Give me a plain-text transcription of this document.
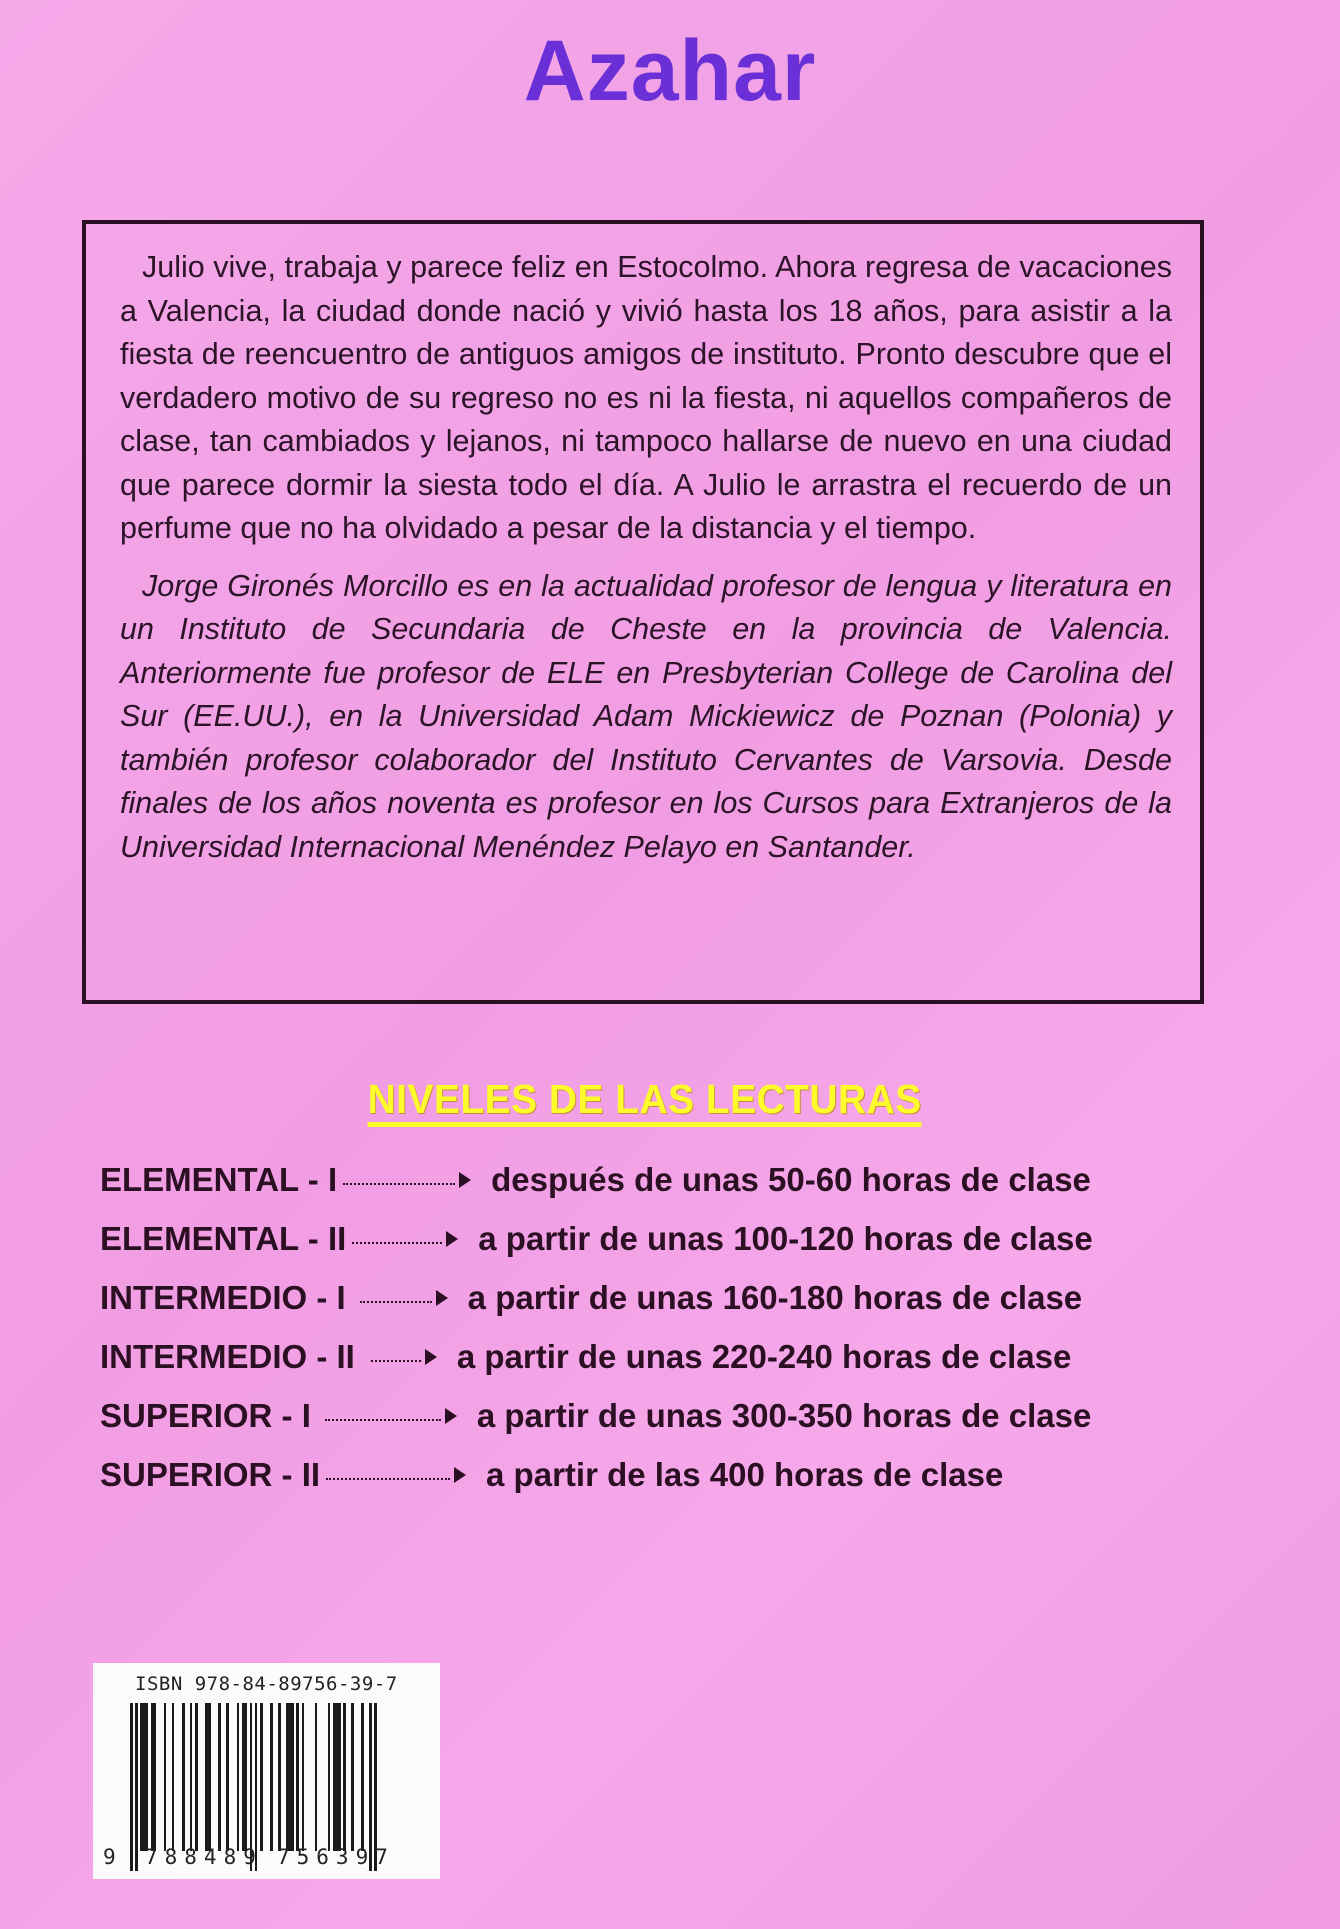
Azahar

Julio vive, trabaja y parece feliz en Estocolmo. Ahora regresa de vacaciones a Valencia, la ciudad donde nació y vivió hasta los 18 años, para asistir a la fiesta de reencuentro de antiguos amigos de instituto. Pronto descubre que el verdadero motivo de su regreso no es ni la fiesta, ni aquellos compañeros de clase, tan cambiados y lejanos, ni tampoco hallarse de nuevo en una ciudad que parece dormir la siesta todo el día. A Julio le arrastra el recuerdo de un perfume que no ha olvidado a pesar de la distancia y el tiempo.

Jorge Gironés Morcillo es en la actualidad profesor de lengua y literatura en un Instituto de Secundaria de Cheste en la provincia de Valencia. Anteriormente fue profesor de ELE en Presbyterian College de Carolina del Sur (EE.UU.), en la Universidad Adam Mickiewicz de Poznan (Polonia) y también profesor colaborador del Instituto Cervantes de Varsovia. Desde finales de los años noventa es profesor en los Cursos para Extranjeros de la Universidad Internacional Menéndez Pelayo en Santander.

NIVELES DE LAS LECTURAS
ELEMENTAL - I	después de unas 50-60 horas de clase
ELEMENTAL - II	a partir de unas 100-120 horas de clase
INTERMEDIO - I	a partir de unas 160-180 horas de clase
INTERMEDIO - II	a partir de unas 220-240 horas de clase
SUPERIOR - I	a partir de unas 300-350 horas de clase
SUPERIOR - II	a partir de las 400 horas de clase
ISBN 978-84-89756-39-7
9 788489 756397
